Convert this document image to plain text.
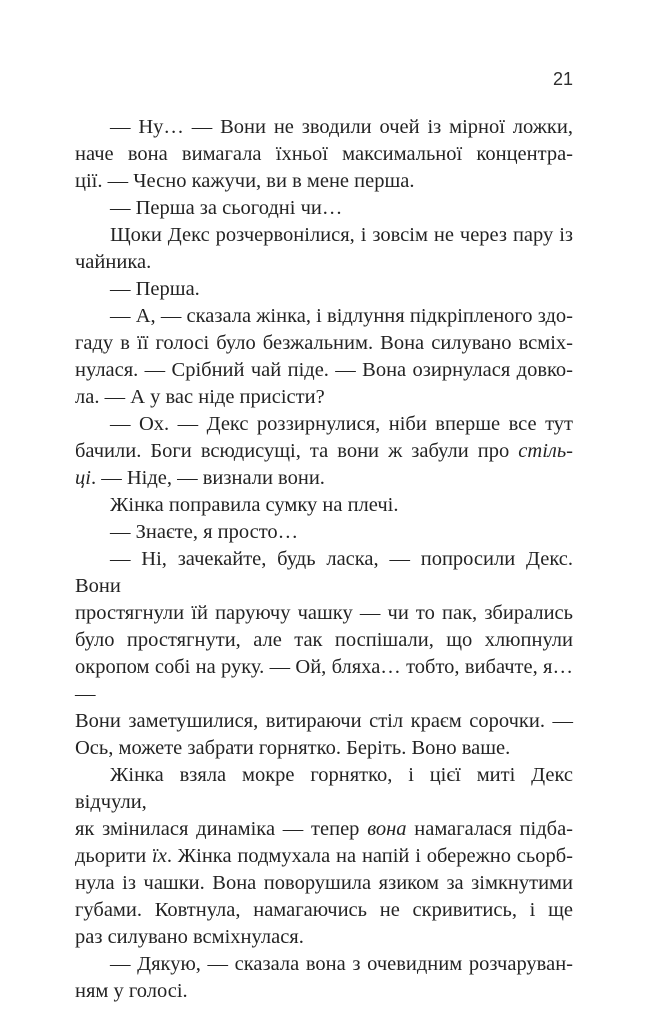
21
— Ну… — Вони не зводили очей із мірної ложки,
наче вона вимагала їхньої максимальної концентра-
ції. — Чесно кажучи, ви в мене перша.
— Перша за сьогодні чи…
Щоки Декс розчервонілися, і зовсім не через пару із
чайника.
— Перша.
— А, — сказала жінка, і відлуння підкріпленого здо-
гаду в її голосі було безжальним. Вона силувано всміх-
нулася. — Срібний чай піде. — Вона озирнулася довко-
ла. — А у вас ніде присісти?
— Ох. — Декс роззирнулися, ніби вперше все тут
бачили. Боги всюдисущі, та вони ж забули про стіль-
ці. — Ніде, — визнали вони.
Жінка поправила сумку на плечі.
— Знаєте, я просто…
— Ні, зачекайте, будь ласка, — попросили Декс. Вони
простягнули їй паруючу чашку — чи то пак, збирались
було простягнути, але так поспішали, що хлюпнули
окропом собі на руку. — Ой, бляха… тобто, вибачте, я… —
Вони заметушилися, витираючи стіл краєм сорочки. —
Ось, можете забрати горнятко. Беріть. Воно ваше.
Жінка взяла мокре горнятко, і цієї миті Декс відчули,
як змінилася динаміка — тепер вона намагалася підба-
дьорити їх. Жінка подмухала на напій і обережно сьорб-
нула із чашки. Вона поворушила язиком за зімкнутими
губами. Ковтнула, намагаючись не скривитись, і ще
раз силувано всміхнулася.
— Дякую, — сказала вона з очевидним розчаруван-
ням у голосі.
